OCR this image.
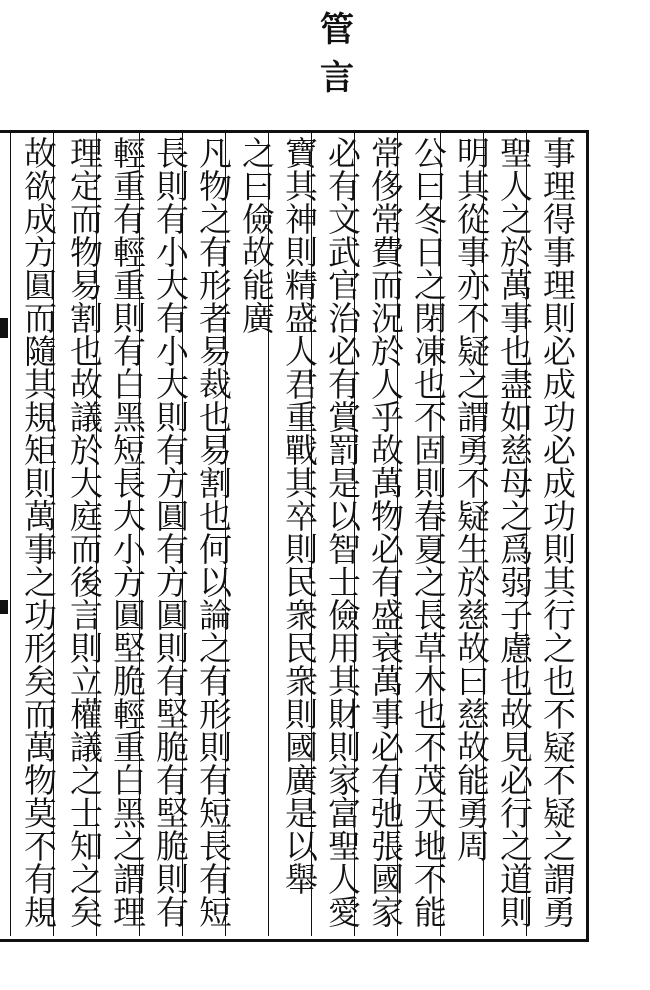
管
言
事理得事理則必成功必成功則其行之也不疑不疑之謂勇
聖人之於萬事也盡如慈母之爲弱子慮也故見必行之道則
明其從事亦不疑之謂勇不疑生於慈故曰慈故能勇周
公曰冬日之閉凍也不固則春夏之長草木也不茂天地不能
常侈常費而況於人乎故萬物必有盛衰萬事必有弛張國家
必有文武官治必有賞罰是以智士儉用其財則家富聖人愛
寶其神則精盛人君重戰其卒則民衆民衆則國廣是以舉
之曰儉故能廣
凡物之有形者易裁也易割也何以論之有形則有短長有短
長則有小大有小大則有方圓有方圓則有堅脆有堅脆則有
輕重有輕重則有白黑短長大小方圓堅脆輕重白黑之謂理
理定而物易割也故議於大庭而後言則立權議之士知之矣
故欲成方圓而隨其規矩則萬事之功形矣而萬物莫不有規
